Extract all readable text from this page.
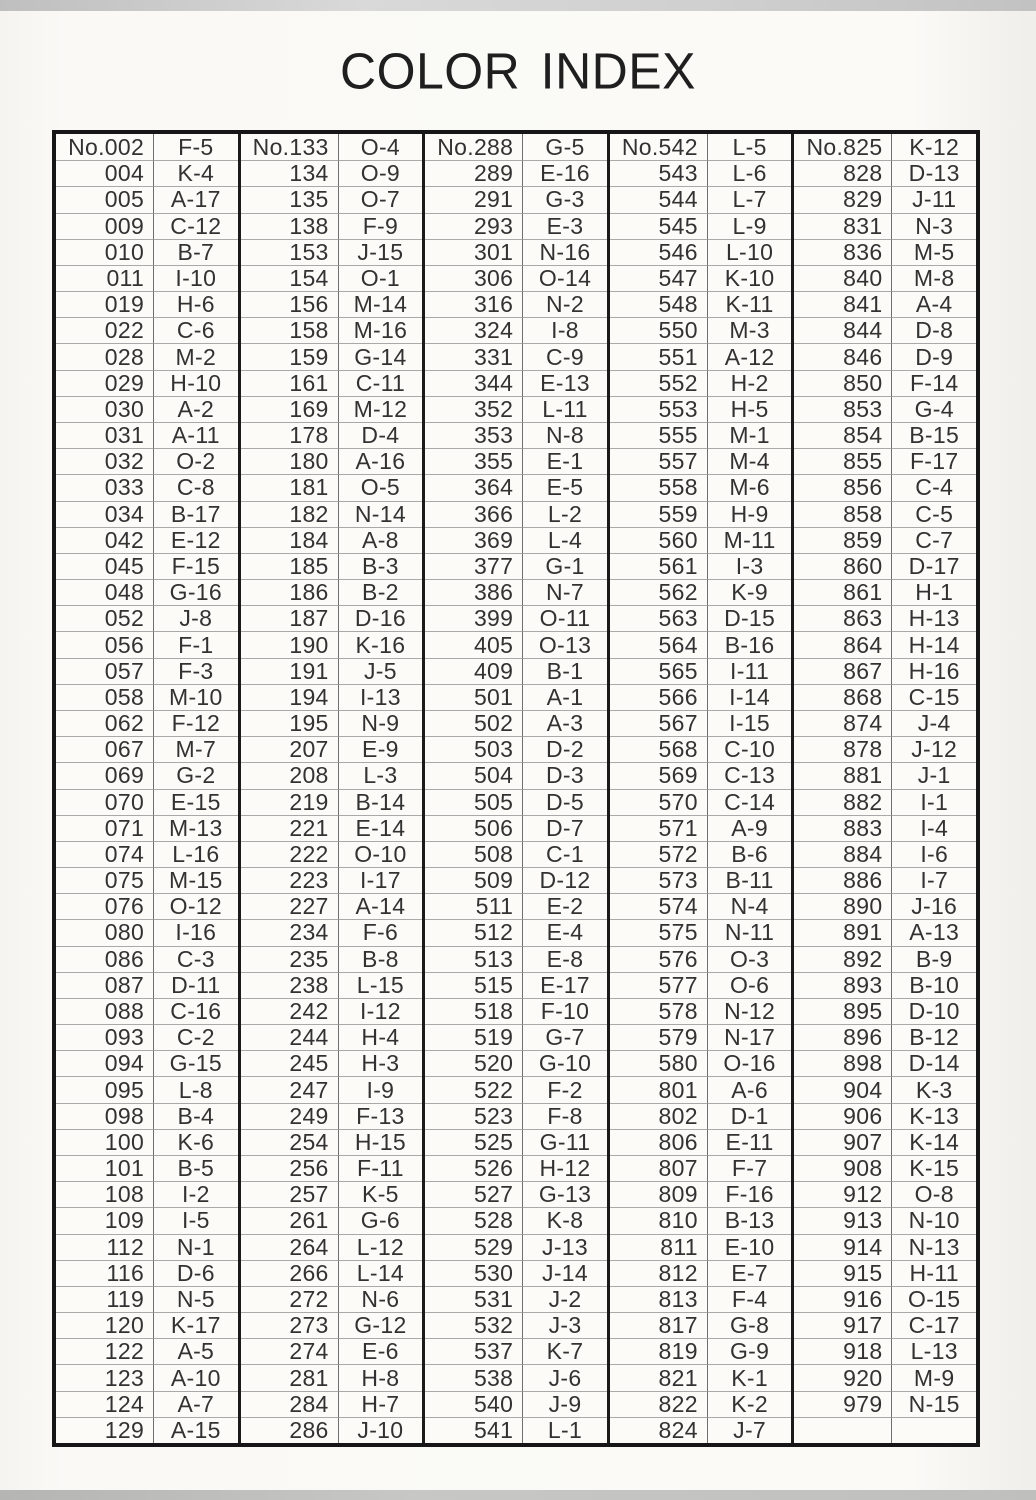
COLOR INDEX
No.002	F-5
004	K-4
005	A-17
009	C-12
010	B-7
011	I-10
019	H-6
022	C-6
028	M-2
029	H-10
030	A-2
031	A-11
032	O-2
033	C-8
034	B-17
042	E-12
045	F-15
048	G-16
052	J-8
056	F-1
057	F-3
058	M-10
062	F-12
067	M-7
069	G-2
070	E-15
071	M-13
074	L-16
075	M-15
076	O-12
080	I-16
086	C-3
087	D-11
088	C-16
093	C-2
094	G-15
095	L-8
098	B-4
100	K-6
101	B-5
108	I-2
109	I-5
112	N-1
116	D-6
119	N-5
120	K-17
122	A-5
123	A-10
124	A-7
129	A-15
No.133	O-4
134	O-9
135	O-7
138	F-9
153	J-15
154	O-1
156	M-14
158	M-16
159	G-14
161	C-11
169	M-12
178	D-4
180	A-16
181	O-5
182	N-14
184	A-8
185	B-3
186	B-2
187	D-16
190	K-16
191	J-5
194	I-13
195	N-9
207	E-9
208	L-3
219	B-14
221	E-14
222	O-10
223	I-17
227	A-14
234	F-6
235	B-8
238	L-15
242	I-12
244	H-4
245	H-3
247	I-9
249	F-13
254	H-15
256	F-11
257	K-5
261	G-6
264	L-12
266	L-14
272	N-6
273	G-12
274	E-6
281	H-8
284	H-7
286	J-10
No.288	G-5
289	E-16
291	G-3
293	E-3
301	N-16
306	O-14
316	N-2
324	I-8
331	C-9
344	E-13
352	L-11
353	N-8
355	E-1
364	E-5
366	L-2
369	L-4
377	G-1
386	N-7
399	O-11
405	O-13
409	B-1
501	A-1
502	A-3
503	D-2
504	D-3
505	D-5
506	D-7
508	C-1
509	D-12
511	E-2
512	E-4
513	E-8
515	E-17
518	F-10
519	G-7
520	G-10
522	F-2
523	F-8
525	G-11
526	H-12
527	G-13
528	K-8
529	J-13
530	J-14
531	J-2
532	J-3
537	K-7
538	J-6
540	J-9
541	L-1
No.542	L-5
543	L-6
544	L-7
545	L-9
546	L-10
547	K-10
548	K-11
550	M-3
551	A-12
552	H-2
553	H-5
555	M-1
557	M-4
558	M-6
559	H-9
560	M-11
561	I-3
562	K-9
563	D-15
564	B-16
565	I-11
566	I-14
567	I-15
568	C-10
569	C-13
570	C-14
571	A-9
572	B-6
573	B-11
574	N-4
575	N-11
576	O-3
577	O-6
578	N-12
579	N-17
580	O-16
801	A-6
802	D-1
806	E-11
807	F-7
809	F-16
810	B-13
811	E-10
812	E-7
813	F-4
817	G-8
819	G-9
821	K-1
822	K-2
824	J-7
No.825	K-12
828	D-13
829	J-11
831	N-3
836	M-5
840	M-8
841	A-4
844	D-8
846	D-9
850	F-14
853	G-4
854	B-15
855	F-17
856	C-4
858	C-5
859	C-7
860	D-17
861	H-1
863	H-13
864	H-14
867	H-16
868	C-15
874	J-4
878	J-12
881	J-1
882	I-1
883	I-4
884	I-6
886	I-7
890	J-16
891	A-13
892	B-9
893	B-10
895	D-10
896	B-12
898	D-14
904	K-3
906	K-13
907	K-14
908	K-15
912	O-8
913	N-10
914	N-13
915	H-11
916	O-15
917	C-17
918	L-13
920	M-9
979	N-15
